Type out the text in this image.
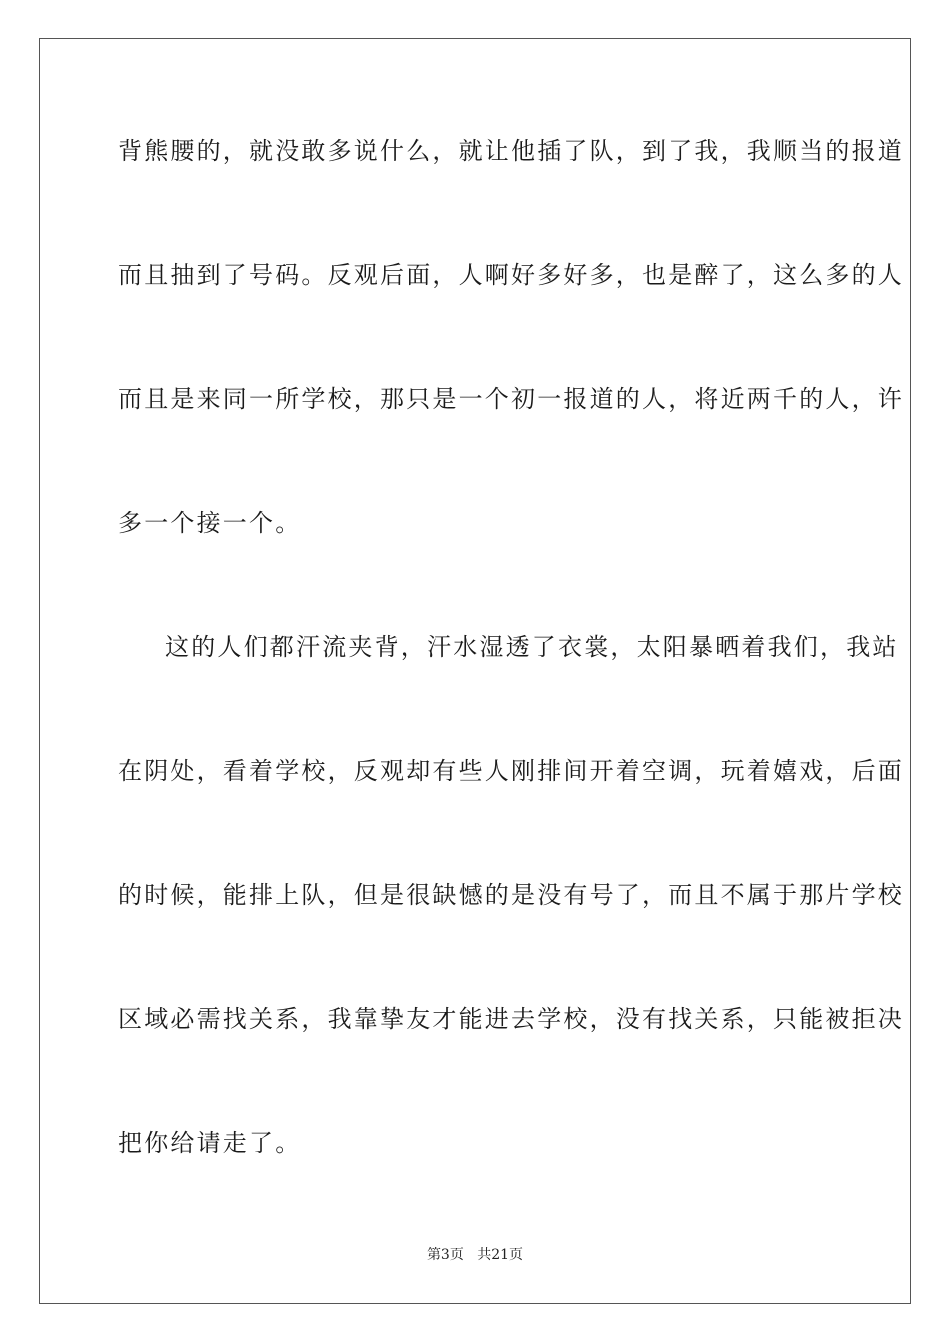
背熊腰的，就没敢多说什么，就让他插了队，到了我，我顺当的报道
而且抽到了号码。反观后面，人啊好多好多，也是醉了，这么多的人
而且是来同一所学校，那只是一个初一报道的人，将近两千的人，许
多一个接一个。
这的人们都汗流夹背，汗水湿透了衣裳，太阳暴晒着我们，我站
在阴处，看着学校，反观却有些人刚排间开着空调，玩着嬉戏，后面
的时候，能排上队，但是很缺憾的是没有号了，而且不属于那片学校
区域必需找关系，我靠挚友才能进去学校，没有找关系，只能被拒决
把你给请走了。
第3页 共21页
